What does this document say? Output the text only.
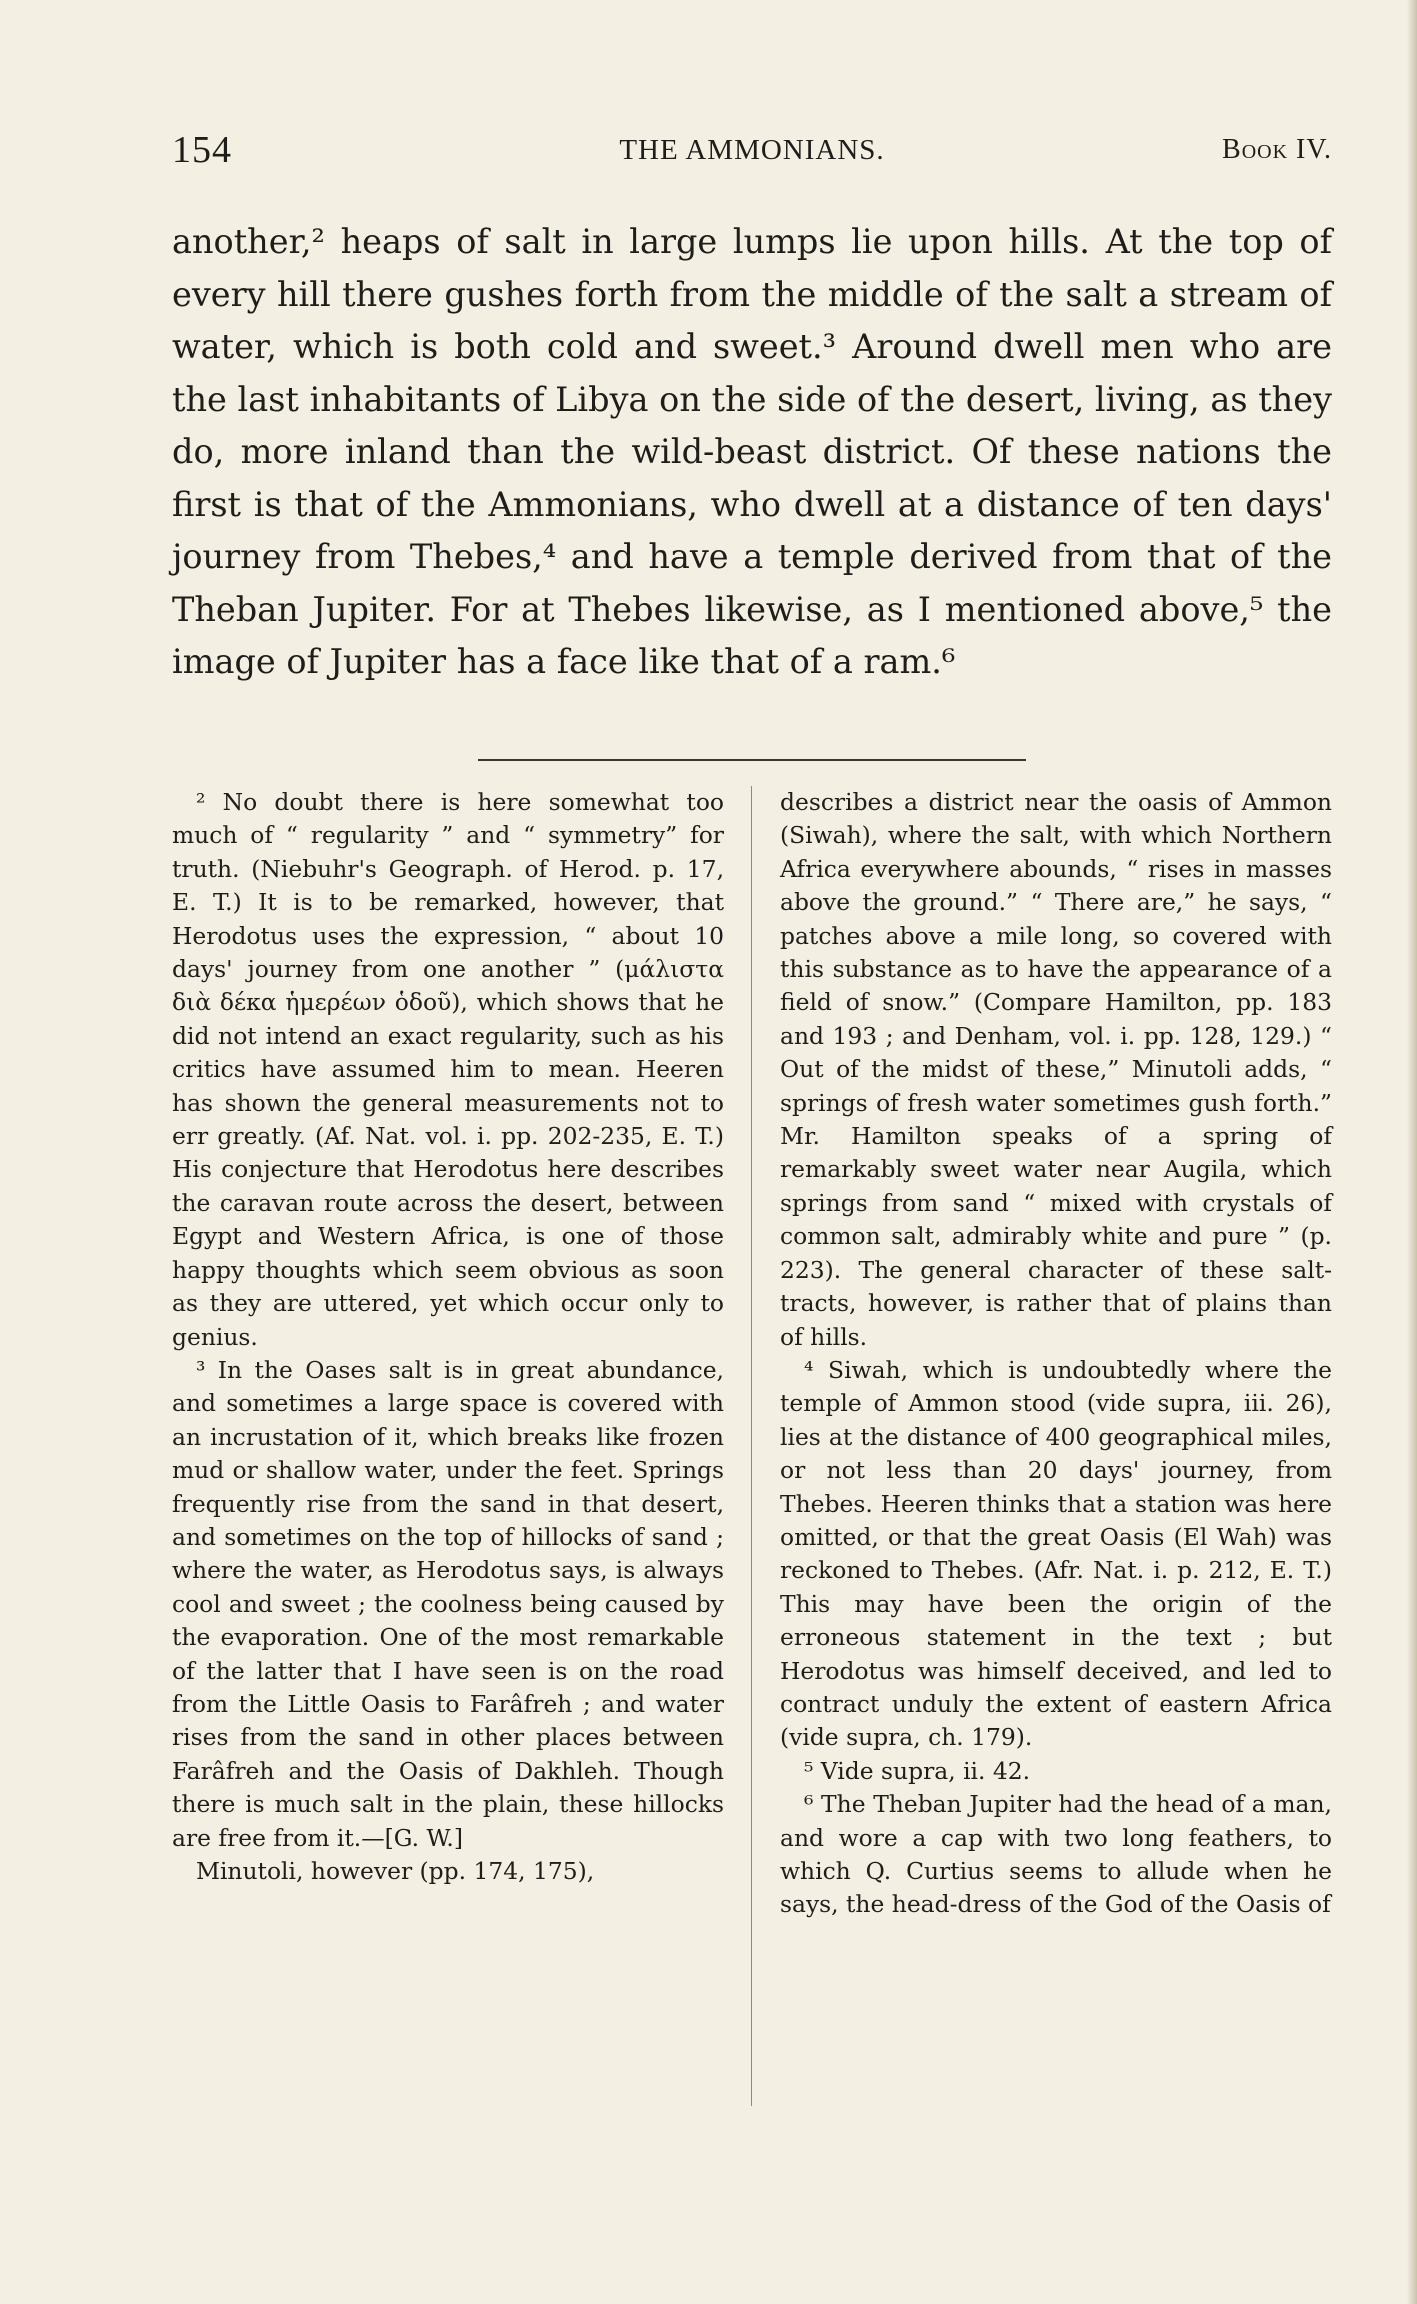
154	THE AMMONIANS.	Book IV.

another,² heaps of salt in large lumps lie upon hills. At the top of every hill there gushes forth from the middle of the salt a stream of water, which is both cold and sweet.³ Around dwell men who are the last inhabitants of Libya on the side of the desert, living, as they do, more inland than the wild-beast district. Of these nations the first is that of the Ammonians, who dwell at a distance of ten days' journey from Thebes,⁴ and have a temple derived from that of the Theban Jupiter. For at Thebes likewise, as I mentioned above,⁵ the image of Jupiter has a face like that of a ram.⁶

² No doubt there is here somewhat too much of “ regularity ” and “ symmetry” for truth. (Niebuhr's Geograph. of Herod. p. 17, E. T.) It is to be remarked, however, that Herodotus uses the expression, “ about 10 days' journey from one another ” (μάλιστα διὰ δέκα ἡμερέων ὁδοῦ), which shows that he did not intend an exact regularity, such as his critics have assumed him to mean. Heeren has shown the general measurements not to err greatly. (Af. Nat. vol. i. pp. 202-235, E. T.) His conjecture that Herodotus here describes the caravan route across the desert, between Egypt and Western Africa, is one of those happy thoughts which seem obvious as soon as they are uttered, yet which occur only to genius.

³ In the Oases salt is in great abundance, and sometimes a large space is covered with an incrustation of it, which breaks like frozen mud or shallow water, under the feet. Springs frequently rise from the sand in that desert, and sometimes on the top of hillocks of sand ; where the water, as Herodotus says, is always cool and sweet ; the coolness being caused by the evaporation. One of the most remarkable of the latter that I have seen is on the road from the Little Oasis to Farâfreh ; and water rises from the sand in other places between Farâfreh and the Oasis of Dakhleh. Though there is much salt in the plain, these hillocks are free from it.—[G. W.]

Minutoli, however (pp. 174, 175),

describes a district near the oasis of Ammon (Siwah), where the salt, with which Northern Africa everywhere abounds, “ rises in masses above the ground.” “ There are,” he says, “ patches above a mile long, so covered with this substance as to have the appearance of a field of snow.” (Compare Hamilton, pp. 183 and 193 ; and Denham, vol. i. pp. 128, 129.) “ Out of the midst of these,” Minutoli adds, “ springs of fresh water sometimes gush forth.” Mr. Hamilton speaks of a spring of remarkably sweet water near Augila, which springs from sand “ mixed with crystals of common salt, admirably white and pure ” (p. 223). The general character of these salt-tracts, however, is rather that of plains than of hills.

⁴ Siwah, which is undoubtedly where the temple of Ammon stood (vide supra, iii. 26), lies at the distance of 400 geographical miles, or not less than 20 days' journey, from Thebes. Heeren thinks that a station was here omitted, or that the great Oasis (El Wah) was reckoned to Thebes. (Afr. Nat. i. p. 212, E. T.) This may have been the origin of the erroneous statement in the text ; but Herodotus was himself deceived, and led to contract unduly the extent of eastern Africa (vide supra, ch. 179).

⁵ Vide supra, ii. 42.

⁶ The Theban Jupiter had the head of a man, and wore a cap with two long feathers, to which Q. Curtius seems to allude when he says, the head-dress of the God of the Oasis of
